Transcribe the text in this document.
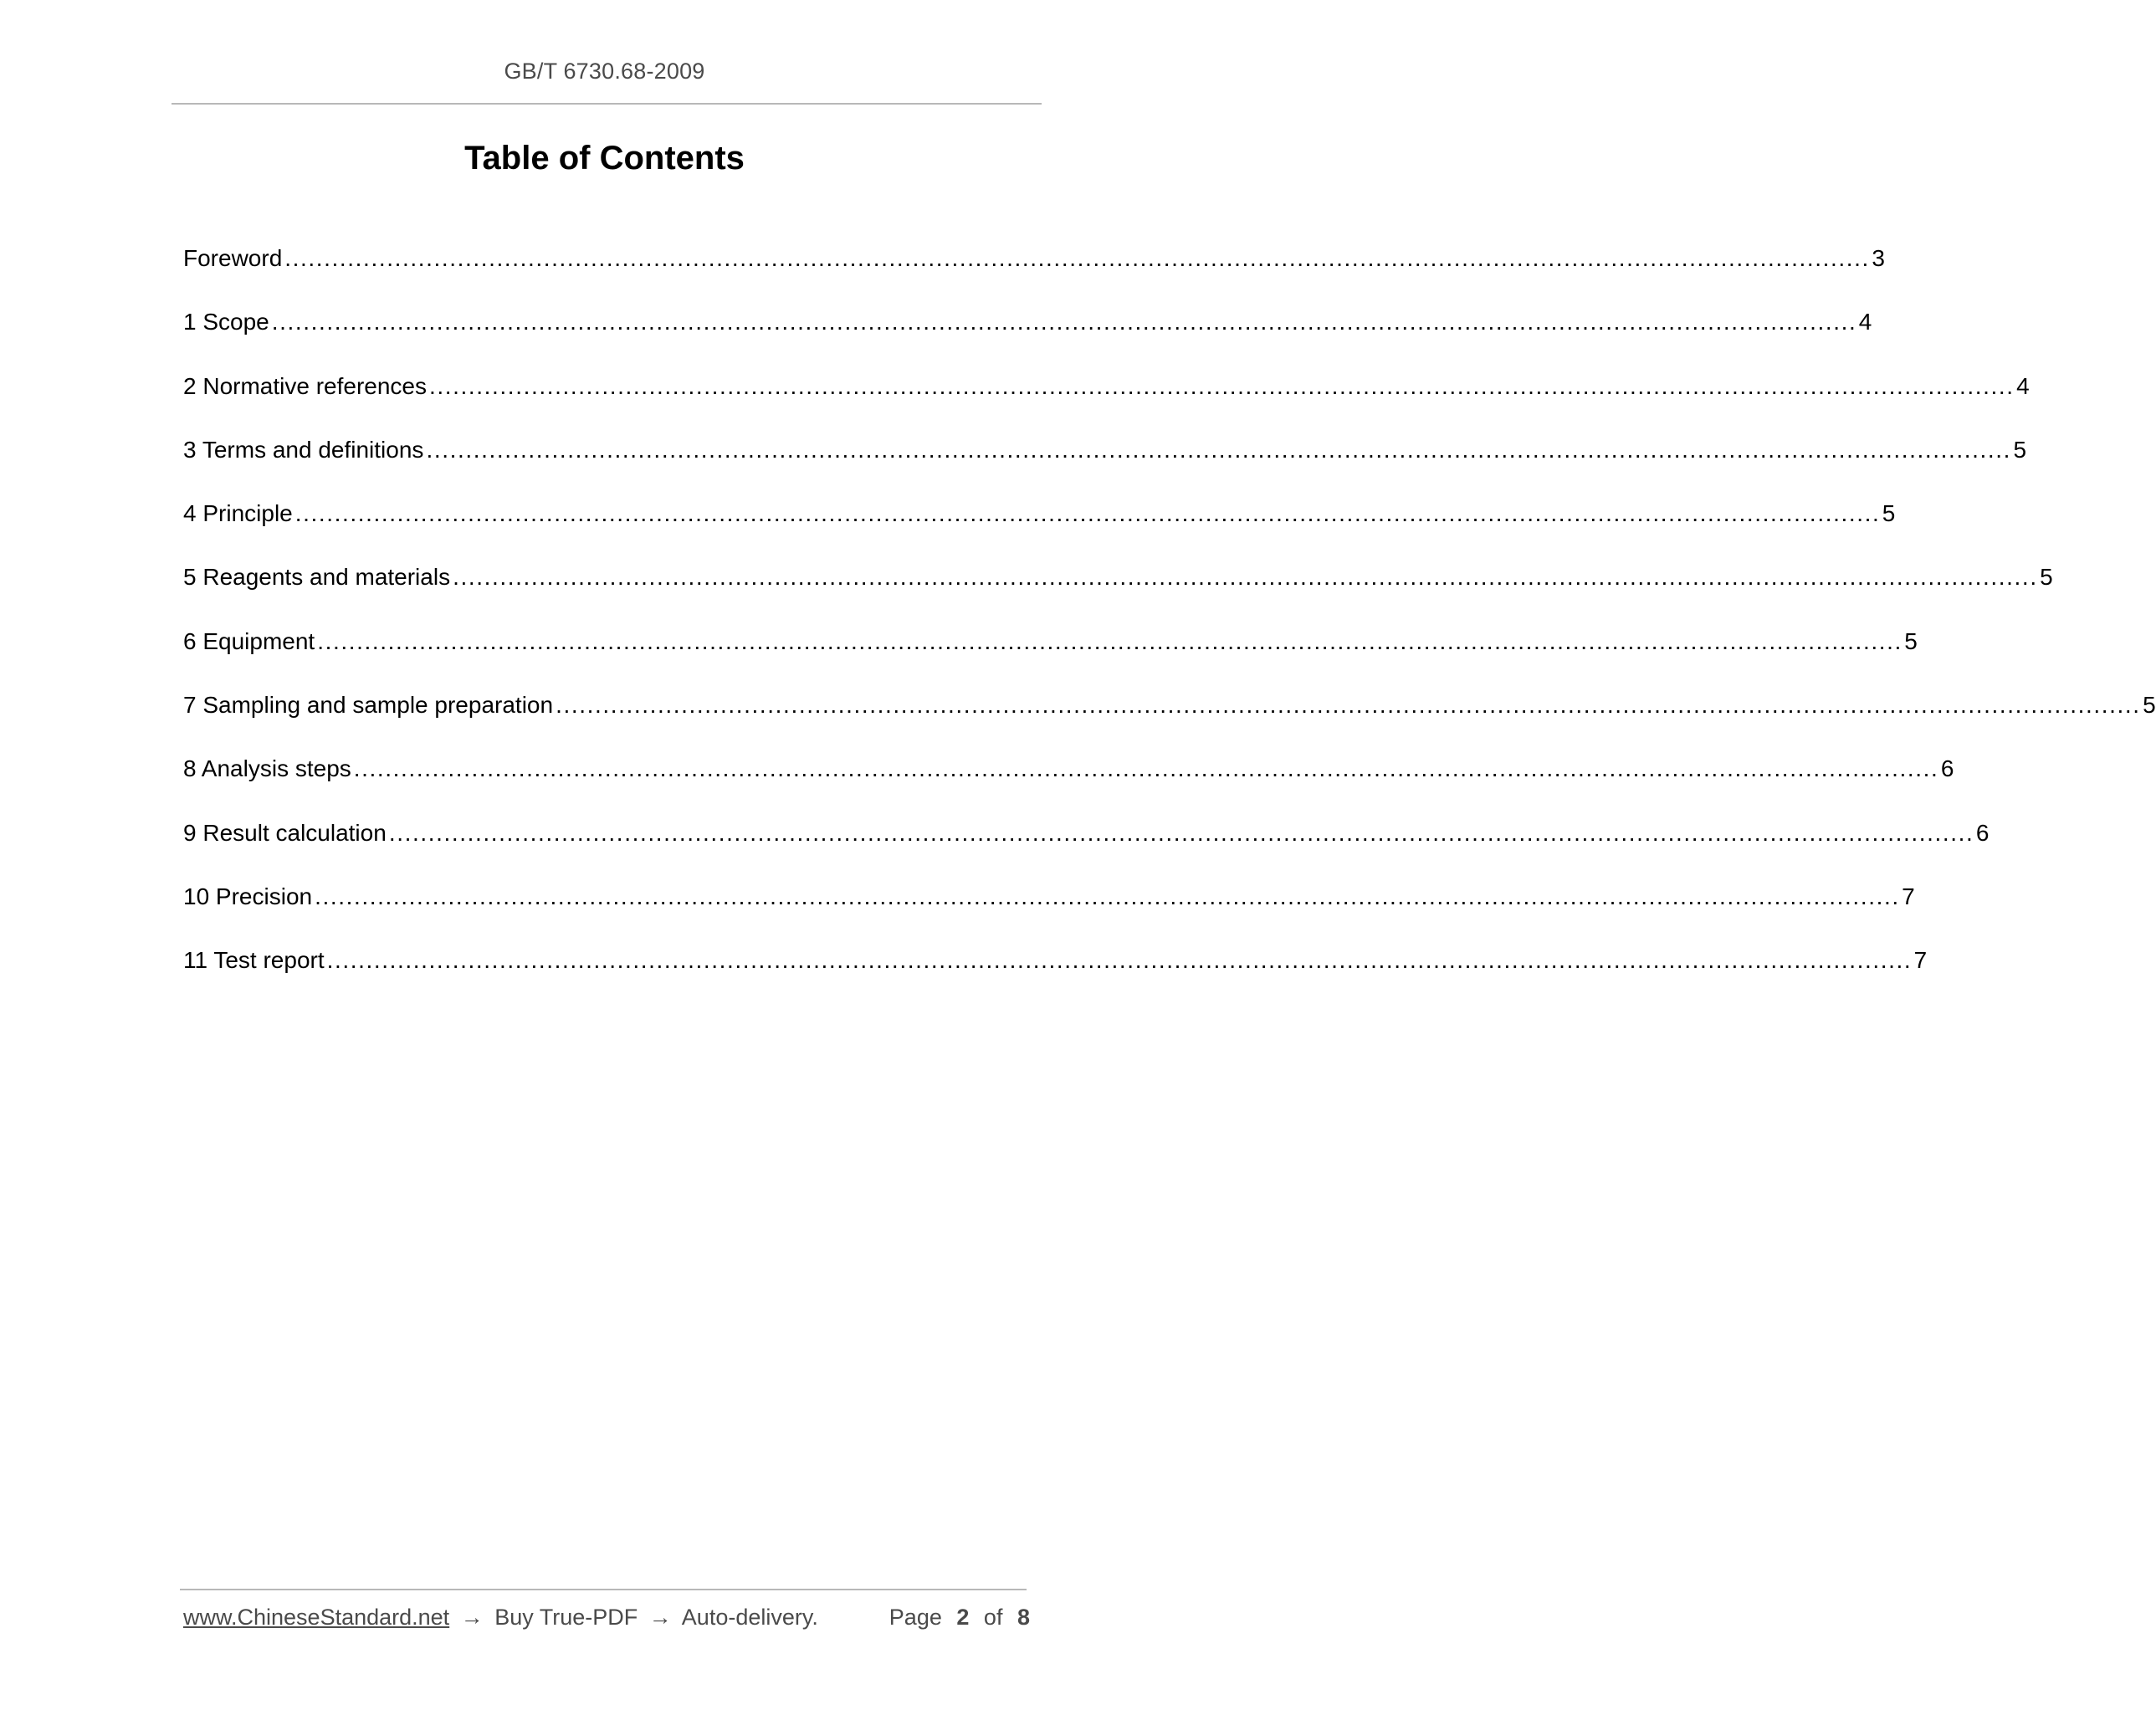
GB/T 6730.68-2009
Table of Contents
Foreword .......................................................................................................................................................................................................... 3
1 Scope .......................................................................................................................................................................................................... 4
2 Normative references .......................................................................................................................................................................................................... 4
3 Terms and definitions .......................................................................................................................................................................................................... 5
4 Principle .......................................................................................................................................................................................................... 5
5 Reagents and materials .......................................................................................................................................................................................................... 5
6 Equipment .......................................................................................................................................................................................................... 5
7 Sampling and sample preparation .......................................................................................................................................................................................................... 5
8 Analysis steps .......................................................................................................................................................................................................... 6
9 Result calculation .......................................................................................................................................................................................................... 6
10 Precision .......................................................................................................................................................................................................... 7
11 Test report .......................................................................................................................................................................................................... 7
www.ChineseStandard.net → Buy True-PDF → Auto-delivery.	Page 2 of 8
